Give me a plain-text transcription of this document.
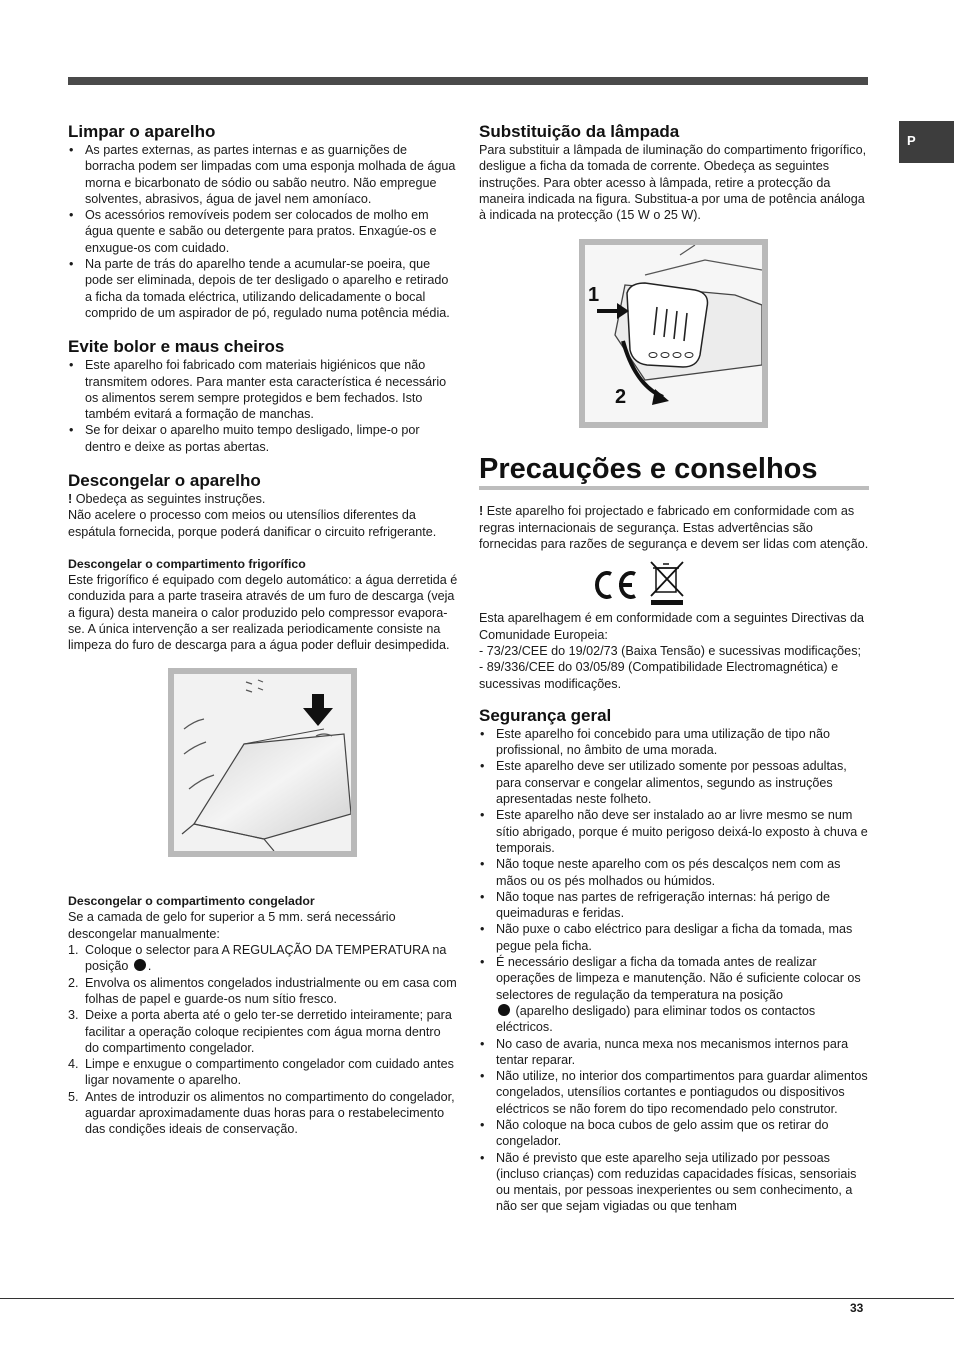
P
Limpar o aparelho
• As partes externas, as partes internas e as guarnições de borracha podem ser limpadas com uma esponja molhada de água morna e bicarbonato de sódio ou sabão neutro. Não empregue solventes, abrasivos, água de javel nem amoníaco.
• Os acessórios removíveis podem ser colocados de molho em água quente e sabão ou detergente para pratos. Enxagúe-os e enxugue-os com cuidado.
• Na parte de trás do aparelho tende a acumular-se poeira, que pode ser eliminada, depois de ter desligado o aparelho e retirado a ficha da tomada eléctrica, utilizando delicadamente o bocal comprido de um aspirador de pó, regulado numa potência média.
Evite bolor e maus cheiros
• Este aparelho foi fabricado com materiais higiénicos que não transmitem odores. Para manter esta característica é necessário os alimentos serem sempre protegidos e bem fechados. Isto também evitará a formação de manchas.
• Se for deixar o aparelho muito tempo desligado, limpe-o por dentro e deixe as portas abertas.
Descongelar o aparelho

! Obedeça as seguintes instruções.

Não acelere o processo com meios ou utensílios diferentes da espátula fornecida, porque poderá danificar o circuito refrigerante.

Descongelar o compartimento frigorífico

Este frigorífico é equipado com degelo automático: a água derretida é conduzida para a parte traseira através de um furo de descarga (veja a figura) desta maneira o calor produzido pelo compressor evapora-se. A única intervenção a ser realizada periodicamente consiste na limpeza do furo de descarga para a água poder defluir desimpedida.

Descongelar o compartimento congelador

Se a camada de gelo for superior a 5 mm. será necessário descongelar manualmente:

1. Coloque o selector para A REGULAÇÃO DA TEMPERATURA na posição .
2. Envolva os alimentos congelados industrialmente ou em casa com folhas de papel e guarde-os num sítio fresco.
3. Deixe a porta aberta até o gelo ter-se derretido inteiramente; para facilitar a operação coloque recipientes com água morna dentro do compartimento congelador.
4. Limpe e enxugue o compartimento congelador com cuidado antes ligar novamente o aparelho.
5. Antes de introduzir os alimentos no compartimento do congelador, aguardar aproximadamente duas horas para o restabelecimento das condições ideais de conservação.
Substituição da lâmpada

Para substituir a lâmpada de iluminação do compartimento frigorífico, desligue a ficha da tomada de corrente. Obedeça as seguintes instruções. Para obter acesso à lâmpada, retire a protecção da maneira indicada na figura. Substitua-a por uma de potência análoga à indicada na protecção (15 W o 25 W).

1
2
Precauções e conselhos

! Este aparelho foi projectado e fabricado em conformidade com as regras internacionais de segurança. Estas advertências são fornecidas para razões de segurança e devem ser lidas com atenção.

Esta aparelhagem é em conformidade com a seguintes Directivas da Comunidade Europeia:

- 73/23/CEE do 19/02/73 (Baixa Tensão) e sucessivas modificações;

- 89/336/CEE do 03/05/89 (Compatibilidade Electromagnética) e sucessivas modificações.

Segurança geral
• Este aparelho foi concebido para uma utilização de tipo não profissional, no âmbito de uma morada.
• Este aparelho deve ser utilizado somente por pessoas adultas, para conservar e congelar alimentos, segundo as instruções apresentadas neste folheto.
• Este aparelho não deve ser instalado ao ar livre mesmo se num sítio abrigado, porque é muito perigoso deixá-lo exposto à chuva e temporais.
• Não toque neste aparelho com os pés descalços nem com as mãos ou os pés molhados ou húmidos.
• Não toque nas partes de refrigeração internas: há perigo de queimaduras e feridas.
• Não puxe o cabo eléctrico para desligar a ficha da tomada, mas pegue pela ficha.
• É necessário desligar a ficha da tomada antes de realizar operações de limpeza e manutenção. Não é suficiente colocar os selectores de regulação da temperatura na posição
(aparelho desligado) para eliminar todos os contactos eléctricos.
• No caso de avaria, nunca mexa nos mecanismos internos para tentar reparar.
• Não utilize, no interior dos compartimentos para guardar alimentos congelados, utensílios cortantes e pontiagudos ou dispositivos eléctricos se não forem do tipo recomendado pelo construtor.
• Não coloque na boca cubos de gelo assim que os retirar do congelador.
• Não é previsto que este aparelho seja utilizado por pessoas (incluso crianças) com reduzidas capacidades físicas, sensoriais ou mentais, por pessoas inexperientes ou sem conhecimento, a não ser que sejam vigiadas ou que tenham
33
